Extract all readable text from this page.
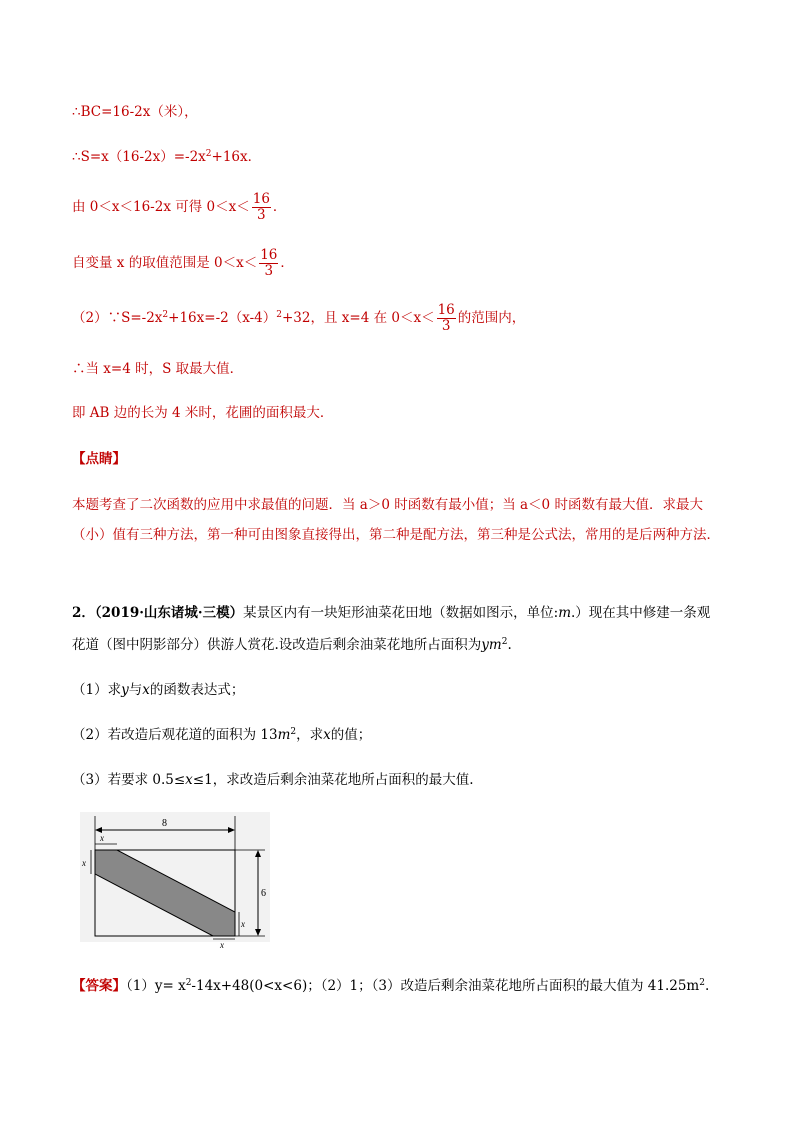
∴BC=16-2x（米），
$\therefore S=x(16-2x)=-2x^2+16x$．
由 0＜x＜16-2x 可得 $0<x< \frac{16}{3}$ ．
自变量 x 的取值范围是 $0<x< \frac{16}{3}$ ．
$(2)\because S=-2x^2+16x=-2(x-4)^2+32$，且 x=4 在 $0<x< \frac{16}{3}$ 的范围内，
∴当 x=4 时，S 取最大值．
即 AB 边的长为 4 米时，花圃的面积最大．
【点睛】
本题考查了二次函数的应用中求最值的问题．当 a＞0 时函数有最小值；当 a＜0 时函数有最大值．求最大（小）值有三种方法，第一种可由图象直接得出，第二种是配方法，第三种是公式法，常用的是后两种方法．
2．（2019·山东诸城·三模）某景区内有一块矩形油菜花田地（数据如图示，单位:m.）现在其中修建一条观
花道（图中阴影部分）供游人赏花.设改造后剩余油菜花地所占面积为$ym^2$.
（1）求y与x的函数表达式；
（2）若改造后观花道的面积为 $13m^2$，求x的值；
（3）若要求 0.5≤x≤1，求改造后剩余油菜花地所占面积的最大值.
8
6
x
x
x
x
【答案】$(1)y= x^2-14x+48(0<x<6)$；（2）1；（3）改造后剩余油菜花地所占面积的最大值为 $41.25m^2$.
